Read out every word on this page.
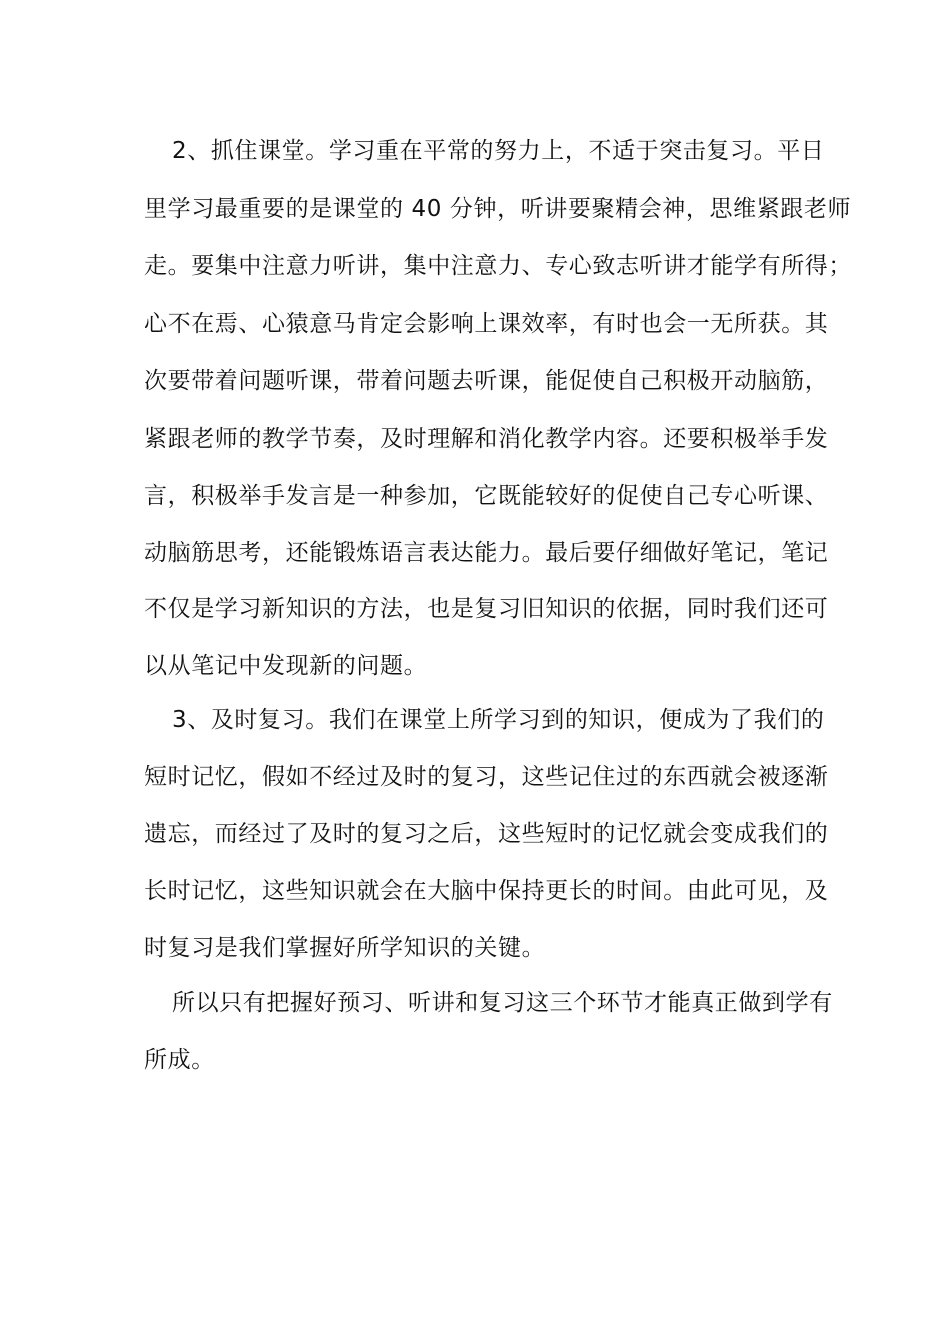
2、抓住课堂。学习重在平常的努力上，不适于突击复习。平日
里学习最重要的是课堂的 40 分钟，听讲要聚精会神，思维紧跟老师
走。要集中注意力听讲，集中注意力、专心致志听讲才能学有所得；
心不在焉、心猿意马肯定会影响上课效率，有时也会一无所获。其
次要带着问题听课，带着问题去听课，能促使自己积极开动脑筋，
紧跟老师的教学节奏，及时理解和消化教学内容。还要积极举手发
言，积极举手发言是一种参加，它既能较好的促使自己专心听课、
动脑筋思考，还能锻炼语言表达能力。最后要仔细做好笔记，笔记
不仅是学习新知识的方法，也是复习旧知识的依据，同时我们还可
以从笔记中发现新的问题。
3、及时复习。我们在课堂上所学习到的知识，便成为了我们的
短时记忆，假如不经过及时的复习，这些记住过的东西就会被逐渐
遗忘，而经过了及时的复习之后，这些短时的记忆就会变成我们的
长时记忆，这些知识就会在大脑中保持更长的时间。由此可见，及
时复习是我们掌握好所学知识的关键。
所以只有把握好预习、听讲和复习这三个环节才能真正做到学有
所成。
